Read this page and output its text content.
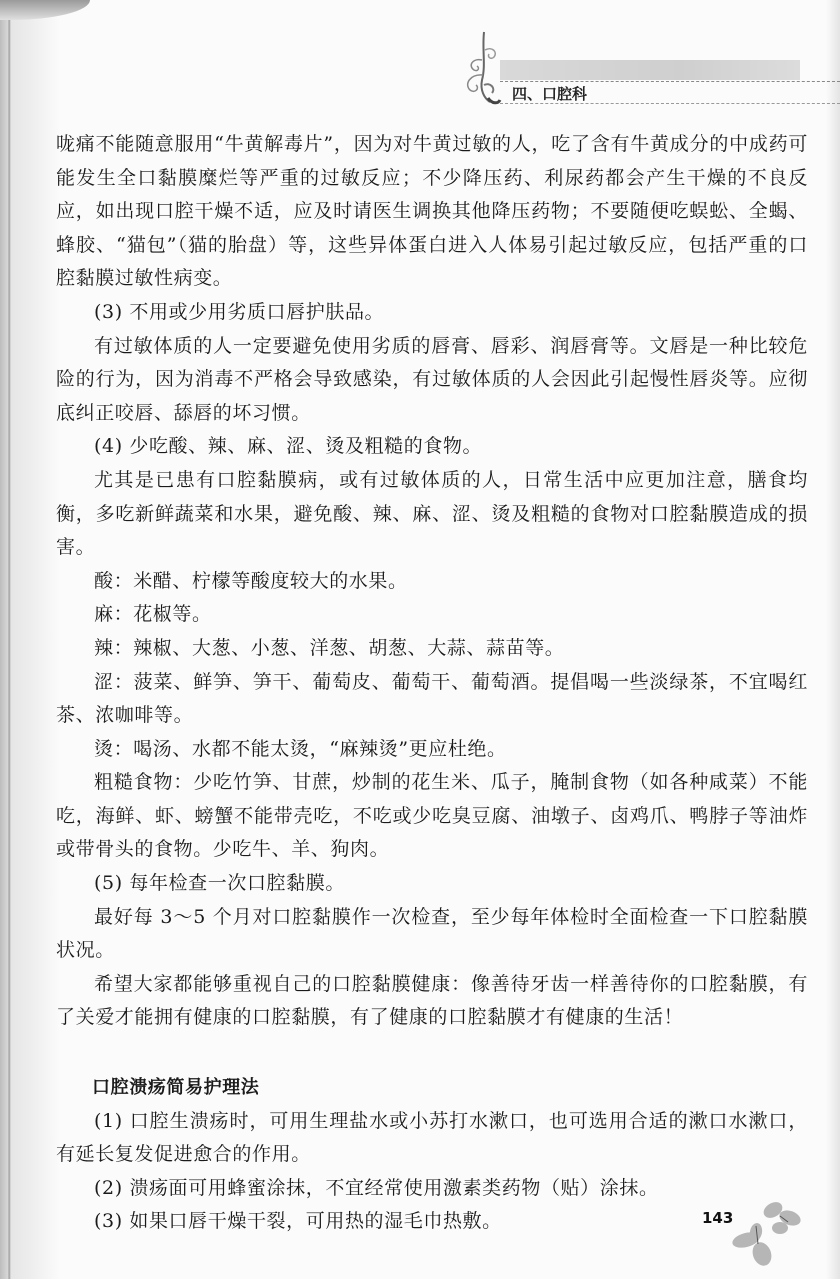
四、口腔科

咙痛不能随意服用“牛黄解毒片”，因为对牛黄过敏的人，吃了含有牛黄成分的中成药可能发生全口黏膜糜烂等严重的过敏反应；不少降压药、利尿药都会产生干燥的不良反应，如出现口腔干燥不适，应及时请医生调换其他降压药物；不要随便吃蜈蚣、全蝎、蜂胶、“猫包”（猫的胎盘）等，这些异体蛋白进入人体易引起过敏反应，包括严重的口腔黏膜过敏性病变。

(3) 不用或少用劣质口唇护肤品。

有过敏体质的人一定要避免使用劣质的唇膏、唇彩、润唇膏等。文唇是一种比较危险的行为，因为消毒不严格会导致感染，有过敏体质的人会因此引起慢性唇炎等。应彻底纠正咬唇、舔唇的坏习惯。

(4) 少吃酸、辣、麻、涩、烫及粗糙的食物。

尤其是已患有口腔黏膜病，或有过敏体质的人，日常生活中应更加注意，膳食均衡，多吃新鲜蔬菜和水果，避免酸、辣、麻、涩、烫及粗糙的食物对口腔黏膜造成的损害。

酸：米醋、柠檬等酸度较大的水果。

麻：花椒等。

辣：辣椒、大葱、小葱、洋葱、胡葱、大蒜、蒜苗等。

涩：菠菜、鲜笋、笋干、葡萄皮、葡萄干、葡萄酒。提倡喝一些淡绿茶，不宜喝红茶、浓咖啡等。

烫：喝汤、水都不能太烫，“麻辣烫”更应杜绝。

粗糙食物：少吃竹笋、甘蔗，炒制的花生米、瓜子，腌制食物（如各种咸菜）不能吃，海鲜、虾、螃蟹不能带壳吃，不吃或少吃臭豆腐、油墩子、卤鸡爪、鸭脖子等油炸或带骨头的食物。少吃牛、羊、狗肉。

(5) 每年检查一次口腔黏膜。

最好每 3～5 个月对口腔黏膜作一次检查，至少每年体检时全面检查一下口腔黏膜状况。

希望大家都能够重视自己的口腔黏膜健康：像善待牙齿一样善待你的口腔黏膜，有了关爱才能拥有健康的口腔黏膜，有了健康的口腔黏膜才有健康的生活！

口腔溃疡简易护理法

(1) 口腔生溃疡时，可用生理盐水或小苏打水漱口，也可选用合适的漱口水漱口，有延长复发促进愈合的作用。

(2) 溃疡面可用蜂蜜涂抹，不宜经常使用激素类药物（贴）涂抹。

(3) 如果口唇干燥干裂，可用热的湿毛巾热敷。	143
